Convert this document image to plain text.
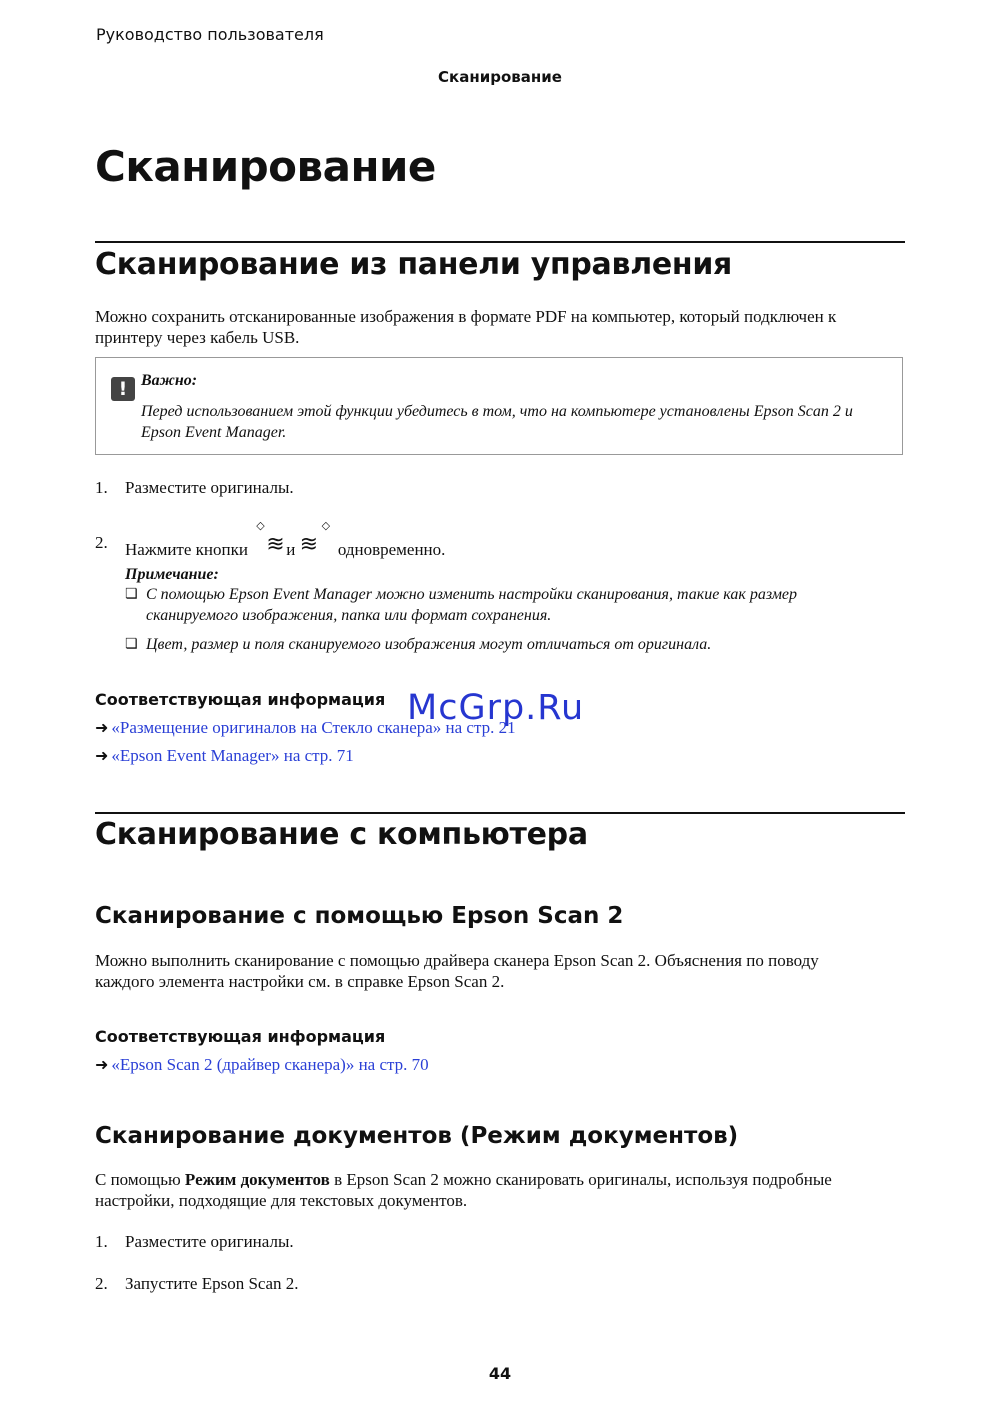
Руководство пользователя
Сканирование
Сканирование
Сканирование из панели управления
Можно сохранить отсканированные изображения в формате PDF на компьютер, который подключен к
принтеру через кабель USB.
! Важно:
Перед использованием этой функции убедитесь в том, что на компьютере установлены Epson Scan 2 и
Epson Event Manager.
1. Разместите оригиналы.
2. Нажмите кнопки
◇
≋ и ≋
◇
одновременно.
Примечание:
❏ С помощью Epson Event Manager можно изменить настройки сканирования, такие как размер
сканируемого изображения, папка или формат сохранения.
❏ Цвет, размер и поля сканируемого изображения могут отличаться от оригинала.
Соответствующая информация
➜ «Размещение оригиналов на Стекло сканера» на стр. 21
➜ «Epson Event Manager» на стр. 71
McGrp.Ru
Сканирование с компьютера
Сканирование с помощью Epson Scan 2
Можно выполнить сканирование с помощью драйвера сканера Epson Scan 2. Объяснения по поводу
каждого элемента настройки см. в справке Epson Scan 2.
Соответствующая информация
➜ «Epson Scan 2 (драйвер сканера)» на стр. 70
Сканирование документов (Режим документов)
С помощью Режим документов в Epson Scan 2 можно сканировать оригиналы, используя подробные
настройки, подходящие для текстовых документов.
1. Разместите оригиналы.
2. Запустите Epson Scan 2.
44
